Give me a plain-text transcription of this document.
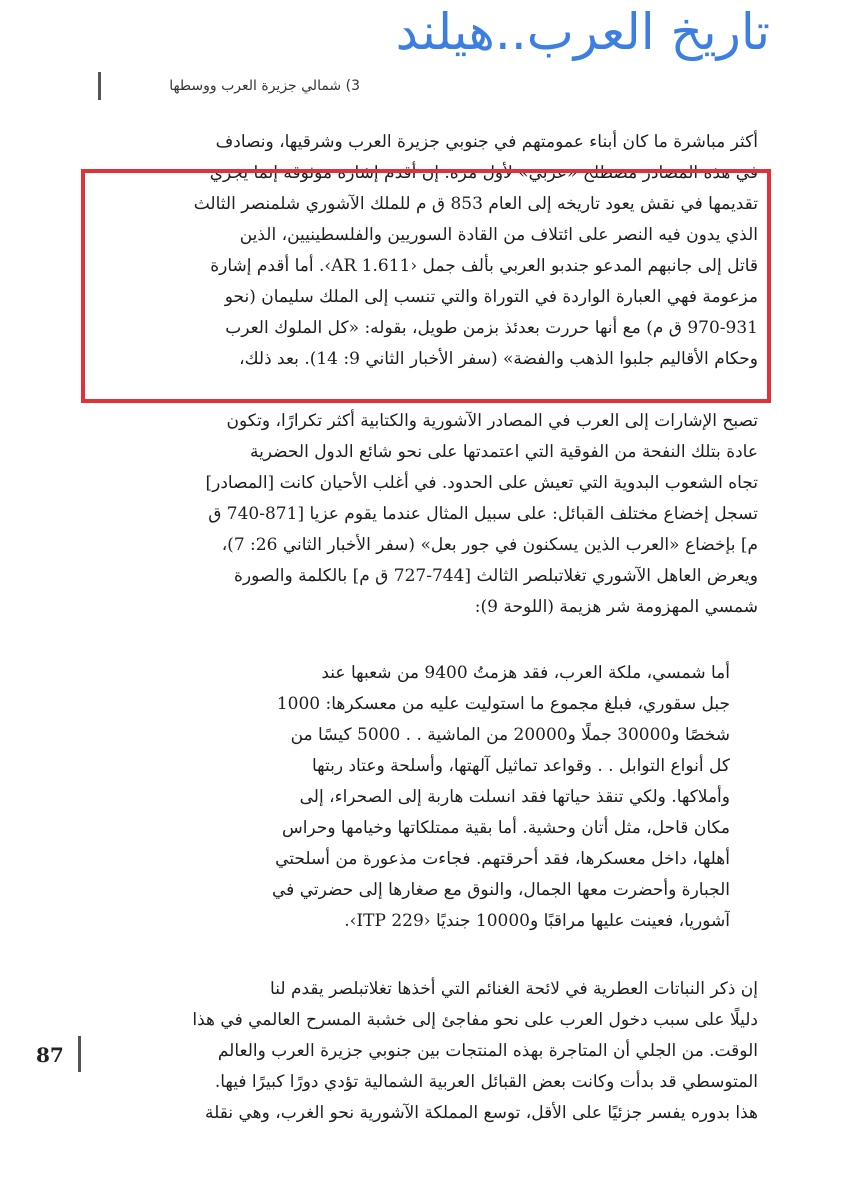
تاريخ العرب..هيلند
3) شمالي جزيرة العرب ووسطها
أكثر مباشرة ما كان أبناء عمومتهم في جنوبي جزيرة العرب وشرقيها، ونصادف
في هذه المصادر مصطلح «عربي» لأول مرة. إن أقدم إشارة موثوقة إنما يجري
تقديمها في نقش يعود تاريخه إلى العام 853 ق م للملك الآشوري شلمنصر الثالث
الذي يدون فيه النصر على ائتلاف من القادة السوريين والفلسطينيين، الذين
قاتل إلى جانبهم المدعو جندبو العربي بألف جمل ‹AR 1.611›. أما أقدم إشارة
مزعومة فهي العبارة الواردة في التوراة والتي تنسب إلى الملك سليمان (نحو
970-931 ق م) مع أنها حررت بعدئذ بزمن طويل، بقوله: «كل الملوك العرب
وحكام الأقاليم جلبوا الذهب والفضة» (سفر الأخبار الثاني 9: 14). بعد ذلك،
تصبح الإشارات إلى العرب في المصادر الآشورية والكتابية أكثر تكرارًا، وتكون
عادة بتلك النفحة من الفوقية التي اعتمدتها على نحو شائع الدول الحضرية
تجاه الشعوب البدوية التي تعيش على الحدود. في أغلب الأحيان كانت [المصادر]
تسجل إخضاع مختلف القبائل: على سبيل المثال عندما يقوم عزيا [871-740 ق
م] بإخضاع «العرب الذين يسكنون في جور بعل» (سفر الأخبار الثاني 26: 7)،
ويعرض العاهل الآشوري تغلاتبلصر الثالث [744-727 ق م] بالكلمة والصورة
شمسي المهزومة شر هزيمة (اللوحة 9):
أما شمسي، ملكة العرب، فقد هزمتُ 9400 من شعبها عند
جبل سقوري، فبلغ مجموع ما استوليت عليه من معسكرها: 1000
شخصًا و30000 جملًا و20000 من الماشية . . 5000 كيسًا من
كل أنواع التوابل . . وقواعد تماثيل آلهتها، وأسلحة وعتاد ربتها
وأملاكها. ولكي تنقذ حياتها فقد انسلت هاربة إلى الصحراء، إلى
مكان قاحل، مثل أتان وحشية. أما بقية ممتلكاتها وخيامها وحراس
أهلها، داخل معسكرها، فقد أحرقتهم. فجاءت مذعورة من أسلحتي
الجبارة وأحضرت معها الجمال، والنوق مع صغارها إلى حضرتي في
آشوريا، فعينت عليها مراقبًا و10000 جنديًا ‹ITP 229›.
إن ذكر النباتات العطرية في لائحة الغنائم التي أخذها تغلاتبلصر يقدم لنا
دليلًا على سبب دخول العرب على نحو مفاجئ إلى خشبة المسرح العالمي في هذا
الوقت. من الجلي أن المتاجرة بهذه المنتجات بين جنوبي جزيرة العرب والعالم
المتوسطي قد بدأت وكانت بعض القبائل العربية الشمالية تؤدي دورًا كبيرًا فيها.
هذا بدوره يفسر جزئيًا على الأقل، توسع المملكة الآشورية نحو الغرب، وهي نقلة
87
